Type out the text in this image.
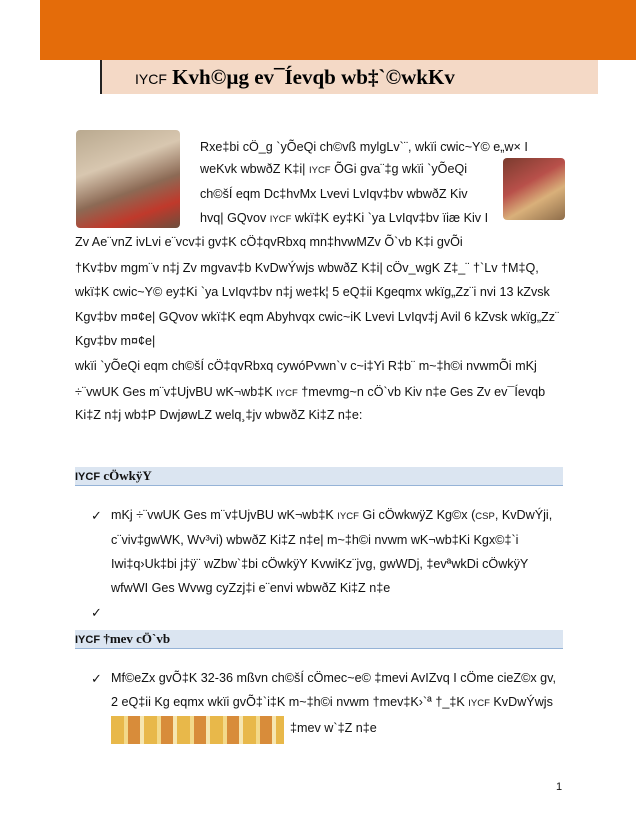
IYCF Kvh©µg ev¯Íevqb wb‡`©wkKv
Rxe‡bi cÖ_g `yÕeQi ch©vß mylgLv`¨, wkïi cwic~Y© e„w× I
weKvk wbwðZ K‡i| IYCF ÕGi gva¨‡g wkïi `yÕeQi
ch©šÍ eqm Dc‡hvMx Lvevi LvIqv‡bv wbwðZ Kiv
hvq| GQvov IYCF wkï‡K ey‡Ki `ya LvIqv‡bv ïiæ Kiv I
Zv Ae¨vnZ ivLvi e¨vcv‡i gv‡K cÖ‡qvRbxq mn‡hvwMZv Õ`vb K‡i gvÕi
†Kv‡bv mgm¨v n‡j Zv mgvav‡b KvDwÝwjs wbwðZ K‡i| cÖv_wgK Z‡_¨ †`Lv †M‡Q,
wkï‡K cwic~Y© ey‡Ki `ya LvIqv‡bv n‡j we‡k¦ 5 eQ‡ii Kgeqmx wkïg„Zz¨i nvi 13 kZvsk
Kgv‡bv m¤¢e| GQvov wkï‡K eqm Abyhvqx cwic~iK Lvevi LvIqv‡j Avil 6 kZvsk wkïg„Zz¨
Kgv‡bv m¤¢e|
wkïi `yÕeQi eqm ch©šÍ cÖ‡qvRbxq cywóPvwn`v c~i‡Yi R‡b¨ m~‡h©i nvwmÕi mKj
÷¨vwUK Ges m¨v‡UjvBU wK¬wb‡K IYCF †mevmg~n cÖ`vb Kiv n‡e Ges Zv ev¯Íevqb
Ki‡Z n‡j wb‡P DwjøwLZ welq¸‡jv wbwðZ Ki‡Z n‡e:
IYCF cÖwkÿY
✓ mKj ÷¨vwUK Ges m¨v‡UjvBU wK¬wb‡K IYCF Gi cÖwkwÿZ Kg©x (CSP, KvDwÝji,
c¨viv‡gwWK, Wv³vi) wbwðZ Ki‡Z n‡e| m~‡h©i nvwm wK¬wb‡Ki Kgx©‡`i
Iwi‡q›Uk‡bi j‡ÿ¨ wZbw`‡bi cÖwkÿY KvwiKz¨jvg, gwWDj, ‡evªwkDi cÖwkÿY
wfwWI Ges Wvwg cyZzj‡i e¨envi wbwðZ Ki‡Z n‡e
✓
IYCF †mev cÖ`vb
✓ Mf©eZx gvÕ‡K 32-36 mßvn ch©šÍ cÖmec~e© ‡mevi AvIZvq I cÖme cieZ©x gv,
2 eQ‡ii Kg eqmx wkïi gvÕ‡`i‡K m~‡h©i nvwm †mev‡K›`ª †_‡K IYCF KvDwÝwjs
‡mev w`‡Z n‡e
1
